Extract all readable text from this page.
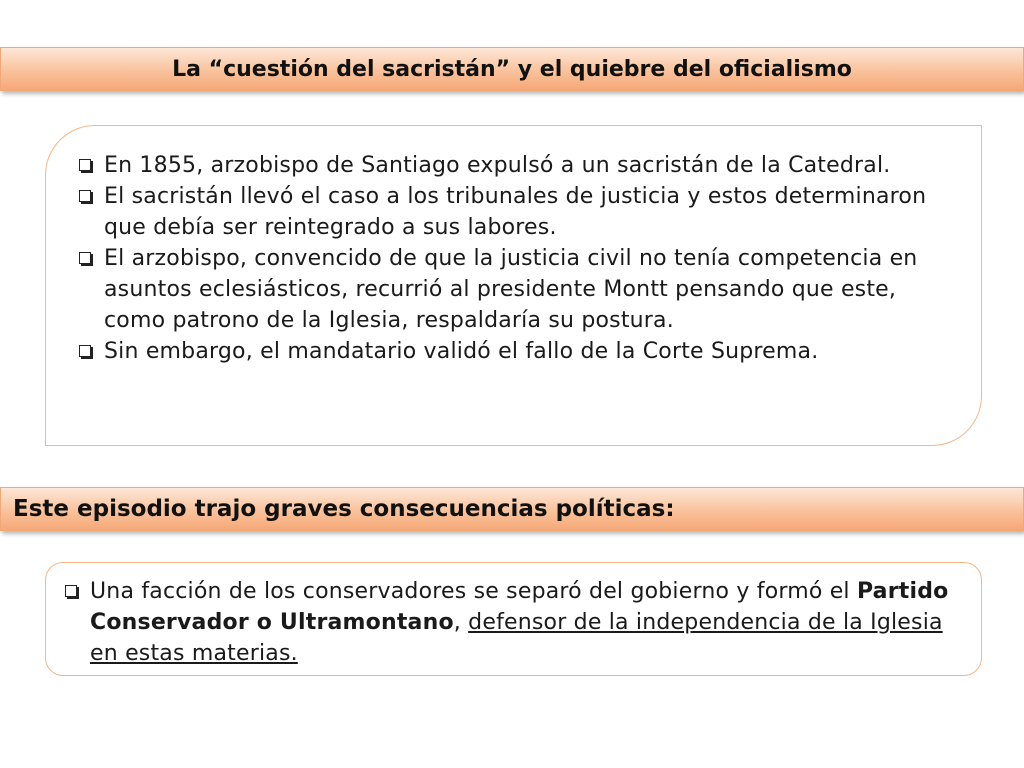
La “cuestión del sacristán” y el quiebre del oficialismo
En 1855, arzobispo de Santiago expulsó a un sacristán de la Catedral.
El sacristán llevó el caso a los tribunales de justicia y estos determinaron que debía ser reintegrado a sus labores.
El arzobispo, convencido de que la justicia civil no tenía competencia en asuntos eclesiásticos, recurrió al presidente Montt pensando que este, como patrono de la Iglesia, respaldaría su postura.
Sin embargo, el mandatario validó el fallo de la Corte Suprema.
Este episodio trajo graves consecuencias políticas:
Una facción de los conservadores se separó del gobierno y formó el Partido Conservador o Ultramontano, defensor de la independencia de la Iglesia en estas materias.
